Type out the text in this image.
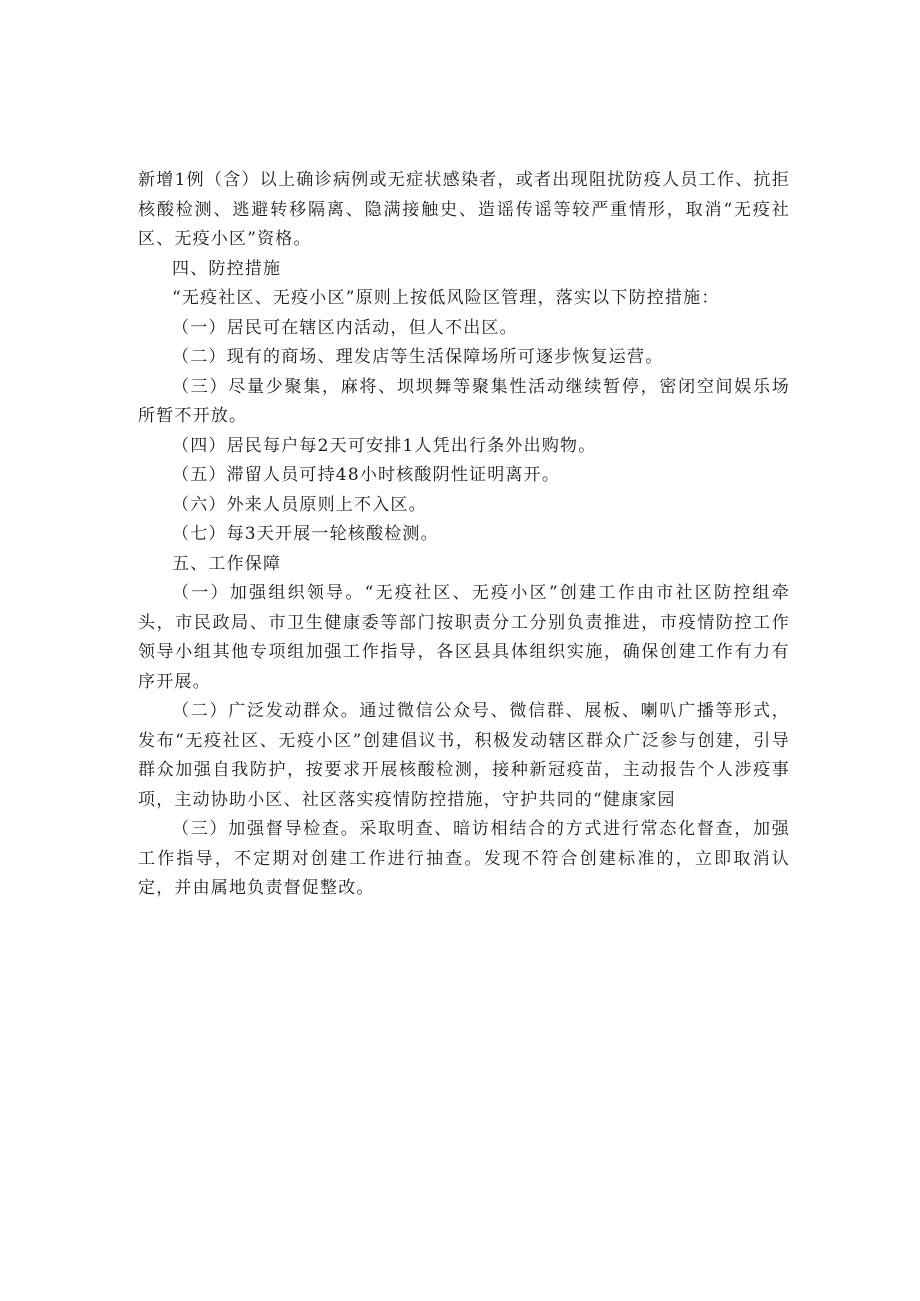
新增1例（含）以上确诊病例或无症状感染者，或者出现阻扰防疫人员工作、抗拒核酸检测、逃避转移隔离、隐满接触史、造谣传谣等较严重情形，取消“无疫社区、无疫小区”资格。

四、防控措施

“无疫社区、无疫小区”原则上按低风险区管理，落实以下防控措施：

（一）居民可在辖区内活动，但人不出区。

（二）现有的商场、理发店等生活保障场所可逐步恢复运营。

（三）尽量少聚集，麻将、坝坝舞等聚集性活动继续暂停，密闭空间娱乐场所暂不开放。

（四）居民每户每2天可安排1人凭出行条外出购物。

（五）滞留人员可持48小时核酸阴性证明离开。

（六）外来人员原则上不入区。

（七）每3天开展一轮核酸检测。

五、工作保障

（一）加强组织领导。“无疫社区、无疫小区”创建工作由市社区防控组牵头，市民政局、市卫生健康委等部门按职责分工分别负责推进，市疫情防控工作领导小组其他专项组加强工作指导，各区县具体组织实施，确保创建工作有力有序开展。

（二）广泛发动群众。通过微信公众号、微信群、展板、喇叭广播等形式，发布“无疫社区、无疫小区”创建倡议书，积极发动辖区群众广泛参与创建，引导群众加强自我防护，按要求开展核酸检测，接种新冠疫苗，主动报告个人涉疫事项，主动协助小区、社区落实疫情防控措施，守护共同的“健康家园

（三）加强督导检查。采取明查、暗访相结合的方式进行常态化督查，加强工作指导，不定期对创建工作进行抽查。发现不符合创建标准的，立即取消认定，并由属地负责督促整改。
